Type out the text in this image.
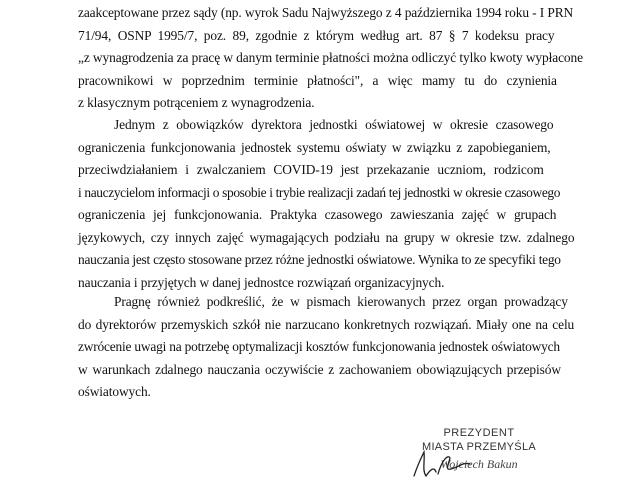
zaakceptowane przez sądy (np. wyrok Sadu Najwyższego z 4 października 1994 roku - I PRN
71/94, OSNP 1995/7, poz. 89, zgodnie z którym według art. 87 § 7 kodeksu pracy
„z wynagrodzenia za pracę w danym terminie płatności można odliczyć tylko kwoty wypłacone
pracownikowi w poprzednim terminie płatności", a więc mamy tu do czynienia
z klasycznym potrąceniem z wynagrodzenia.
Jednym z obowiązków dyrektora jednostki oświatowej w okresie czasowego
ograniczenia funkcjonowania jednostek systemu oświaty w związku z zapobieganiem,
przeciwdziałaniem i zwalczaniem COVID-19 jest przekazanie uczniom, rodzicom
i nauczycielom informacji o sposobie i trybie realizacji zadań tej jednostki w okresie czasowego
ograniczenia jej funkcjonowania. Praktyka czasowego zawieszania zajęć w grupach
językowych, czy innych zajęć wymagających podziału na grupy w okresie tzw. zdalnego
nauczania jest często stosowane przez różne jednostki oświatowe. Wynika to ze specyfiki tego
nauczania i przyjętych w danej jednostce rozwiązań organizacyjnych.
Pragnę również podkreślić, że w pismach kierowanych przez organ prowadzący
do dyrektorów przemyskich szkół nie narzucano konkretnych rozwiązań. Miały one na celu
zwrócenie uwagi na potrzebę optymalizacji kosztów funkcjonowania jednostek oświatowych
w warunkach zdalnego nauczania oczywiście z zachowaniem obowiązujących przepisów
oświatowych.
PREZYDENT
MIASTA PRZEMYŚLA
Wojciech Bakun
